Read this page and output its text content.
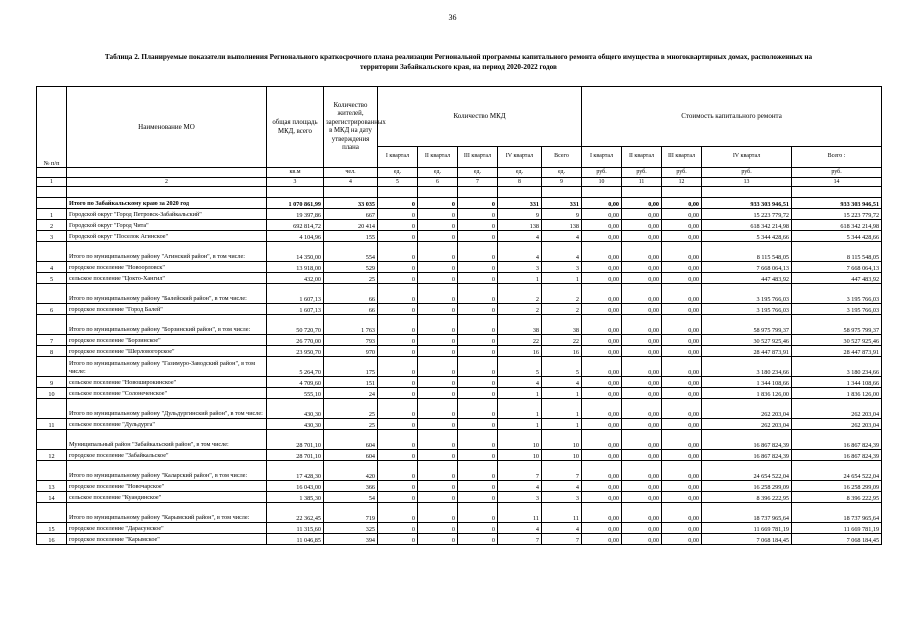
36
Таблица 2. Планируемые показатели выполнения Регионального краткосрочного плана реализации Региональной программы капитального ремонта общего имущества в многоквартирных домах, расположенных на
территории Забайкальского края, на период 2020-2022 годов
№ п/п	Наименование МО	общая площадь МКД, всего	Количество жителей, зарегистрированных в МКД на дату утверждения плана	Количество МКД					Стоимость капитального ремонта				
				I квартал	II квартал	III квартал	IV квартал	Всего	I квартал	II квартал	III квартал	IV квартал	Всего :
		кв.м	чел.	ед.	ед.	ед.	ед.	ед.	руб.	руб.	руб.	руб.	руб.
1	2	3	4	5	6	7	8	9	10	11	12	13	14

	Итого по Забайкальскому краю за 2020 год	1 070 861,99	33 035	0	0	0	331	331	0,00	0,00	0,00	933 303 946,51	933 303 946,51
1	Городской округ "Город Петровск-Забайкальский"	19 397,86	667	0	0	0	9	9	0,00	0,00	0,00	15 223 779,72	15 223 779,72
2	Городской округ "Город Чита"	692 814,72	20 414	0	0	0	138	138	0,00	0,00	0,00	618 342 214,98	618 342 214,98
3	Городской округ "Поселок Агинское"	4 104,96	155	0	0	0	4	4	0,00	0,00	0,00	5 344 428,66	5 344 428,66
	Итого по муниципальному району "Агинский район", в том числе:	14 350,00	554	0	0	0	4	4	0,00	0,00	0,00	8 115 548,05	8 115 548,05
4	городское поселение "Новоорловск"	13 918,00	529	0	0	0	3	3	0,00	0,00	0,00	7 668 064,13	7 668 064,13
5	сельское поселение "Цокто-Хангил"	432,00	25	0	0	0	1	1	0,00	0,00	0,00	447 483,92	447 483,92
	Итого по муниципальному району "Балейский район", в том числе:	1 607,13	66	0	0	0	2	2	0,00	0,00	0,00	3 195 766,03	3 195 766,03
6	городское поселение "Город Балей"	1 607,13	66	0	0	0	2	2	0,00	0,00	0,00	3 195 766,03	3 195 766,03
	Итого по муниципальному району "Борзинский район", в том числе:	50 720,70	1 763	0	0	0	38	38	0,00	0,00	0,00	58 975 799,37	58 975 799,37
7	городское поселение "Борзинское"	26 770,00	793	0	0	0	22	22	0,00	0,00	0,00	30 527 925,46	30 527 925,46
8	городское поселение "Шерловогорское"	23 950,70	970	0	0	0	16	16	0,00	0,00	0,00	28 447 873,91	28 447 873,91
	Итого по муниципальному району "Газимуро-Заводский район", в том числе:	5 264,70	175	0	0	0	5	5	0,00	0,00	0,00	3 180 234,66	3 180 234,66
9	сельское поселение "Новоширокинское"	4 709,60	151	0	0	0	4	4	0,00	0,00	0,00	1 344 108,66	1 344 108,66
10	сельское поселение "Солонеченское"	555,10	24	0	0	0	1	1	0,00	0,00	0,00	1 836 126,00	1 836 126,00
	Итого по муниципальному району "Дульдургинский район", в том числе:	430,30	25	0	0	0	1	1	0,00	0,00	0,00	262 203,04	262 203,04
11	сельское поселение "Дульдурга"	430,30	25	0	0	0	1	1	0,00	0,00	0,00	262 203,04	262 203,04
	Муниципальный район "Забайкальский район", в том числе:	28 701,10	604	0	0	0	10	10	0,00	0,00	0,00	16 867 824,39	16 867 824,39
12	городское поселение "Забайкальское"	28 701,10	604	0	0	0	10	10	0,00	0,00	0,00	16 867 824,39	16 867 824,39
	Итого по муниципальному району "Каларский район", в том числе:	17 428,30	420	0	0	0	7	7	0,00	0,00	0,00	24 654 522,04	24 654 522,04
13	городское поселение "Новочарское"	16 043,00	366	0	0	0	4	4	0,00	0,00	0,00	16 258 299,09	16 258 299,09
14	сельское поселение "Куандинское"	1 385,30	54	0	0	0	3	3	0,00	0,00	0,00	8 396 222,95	8 396 222,95
	Итого по муниципальному району "Карымский район", в том числе:	22 362,45	719	0	0	0	11	11	0,00	0,00	0,00	18 737 965,64	18 737 965,64
15	городское поселение "Дарасунское"	11 315,60	325	0	0	0	4	4	0,00	0,00	0,00	11 669 781,19	11 669 781,19
16	городское поселение "Карымское"	11 046,85	394	0	0	0	7	7	0,00	0,00	0,00	7 068 184,45	7 068 184,45
